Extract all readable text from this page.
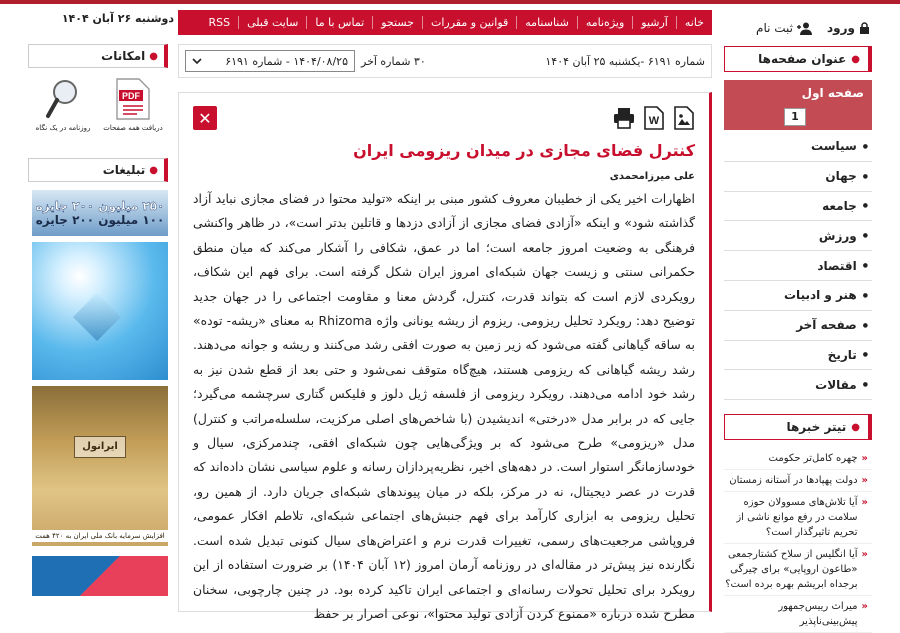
ورود
ثبت نام
●
عنوان صفحه‌ها
صفحه اول
1
● سیاست
● جهان
● جامعه
● ورزش
● اقتصاد
● هنر و ادبیات
● صفحه آخر
● تاریخ
● مقالات
●
تیتر خبرها
«
چهره کامل‌تر حکومت
«
دولت پهپادها در آستانه زمستان
«
آیا تلاش‌های مسوولان حوزه سلامت در رفع موانع ناشی از تحریم تاثیرگذار است؟
«
آیا انگلیس از سلاح کشتارجمعی «طاعون اروپایی» برای چیرگی برجداه ابریشم بهره برده است؟
«
میراث رییس‌جمهور پیش‌بینی‌ناپذیر
خانه
آرشیو
ویژه‌نامه
شناسنامه
قوانین و مقررات
جستجو
تماس با ما
سایت قبلی
RSS
شماره ۶۱۹۱ -یکشنبه ۲۵ آبان ۱۴۰۴
۳۰ شماره آخر
۱۴۰۴/۰۸/۲۵ - شماره ۶۱۹۱
W
✕
کنترل فضای مجازی در میدان ریزومی ایران
علی میرزامحمدی
اظهارات اخیر یکی از خطیبان معروف کشور مبنی بر اینکه «تولید محتوا در فضای مجازی نباید آزاد گذاشته شود» و اینکه «آزادی فضای مجازی از آزادی دزدها و قاتلین بدتر است»، در ظاهر واکنشی فرهنگی به وضعیت امروز جامعه است؛ اما در عمق، شکافی را آشکار می‌کند که میان منطق حکمرانی سنتی و زیست جهان شبکه‌ای امروز ایران شکل گرفته است. برای فهم این شکاف، رویکردی لازم است که بتواند قدرت، کنترل، گردش معنا و مقاومت اجتماعی را در جهان جدید توضیح دهد: رویکرد تحلیل ریزومی. ریزوم از ریشه یونانی واژه Rhizoma به معنای «ریشه- توده» به ساقه گیاهانی گفته می‌شود که زیر زمین به صورت افقی رشد می‌کنند و ریشه و جوانه می‌دهند. رشد ریشه گیاهانی که ریزومی هستند، هیچ‌گاه متوقف نمی‌شود و حتی بعد از قطع شدن نیز به رشد خود ادامه می‌دهند. رویکرد ریزومی از فلسفه ژیل دلوز و فلیکس گتاری سرچشمه می‌گیرد؛ جایی که در برابر مدل «درختی» اندیشیدن (با شاخص‌های اصلی مرکزیت، سلسله‌مراتب و کنترل) مدل «ریزومی» طرح می‌شود که بر ویژگی‌هایی چون شبکه‌ای افقی، چندمرکزی، سیال و خودسازمانگر استوار است. در دهه‌های اخیر، نظریه‌پردازان رسانه و علوم سیاسی نشان داده‌اند که قدرت در عصر دیجیتال، نه در مرکز، بلکه در میان پیوندهای شبکه‌ای جریان دارد. از همین رو، تحلیل ریزومی به ابزاری کارآمد برای فهم جنبش‌های اجتماعی شبکه‌ای، تلاطم افکار عمومی، فروپاشی مرجعیت‌های رسمی، تغییرات قدرت نرم و اعتراض‌های سیال کنونی تبدیل شده است. نگارنده نیز پیش‌تر در مقاله‌ای در روزنامه آرمان امروز (۱۲ آبان ۱۴۰۴) بر ضرورت استفاده از این رویکرد برای تحلیل تحولات رسانه‌ای و اجتماعی ایران تاکید کرده بود. در چنین چارچوبی، سخنان مطرح شده درباره «ممنوع کردن آزادی تولید محتوا»، نوعی اصرار بر حفظ
دوشنبه ۲۶ آبان ۱۴۰۴
●
امکانات
PDF
دریافت همه صفحات
روزنامه در یک نگاه
●
تبلیغات
۲۵۰ میلیون ۲۰۰ جایزه
۱۰۰ میلیون ۲۰۰ جایزه
ایرانول
افزایش سرمایه بانک ملی ایران به ۴۲۰ همت
